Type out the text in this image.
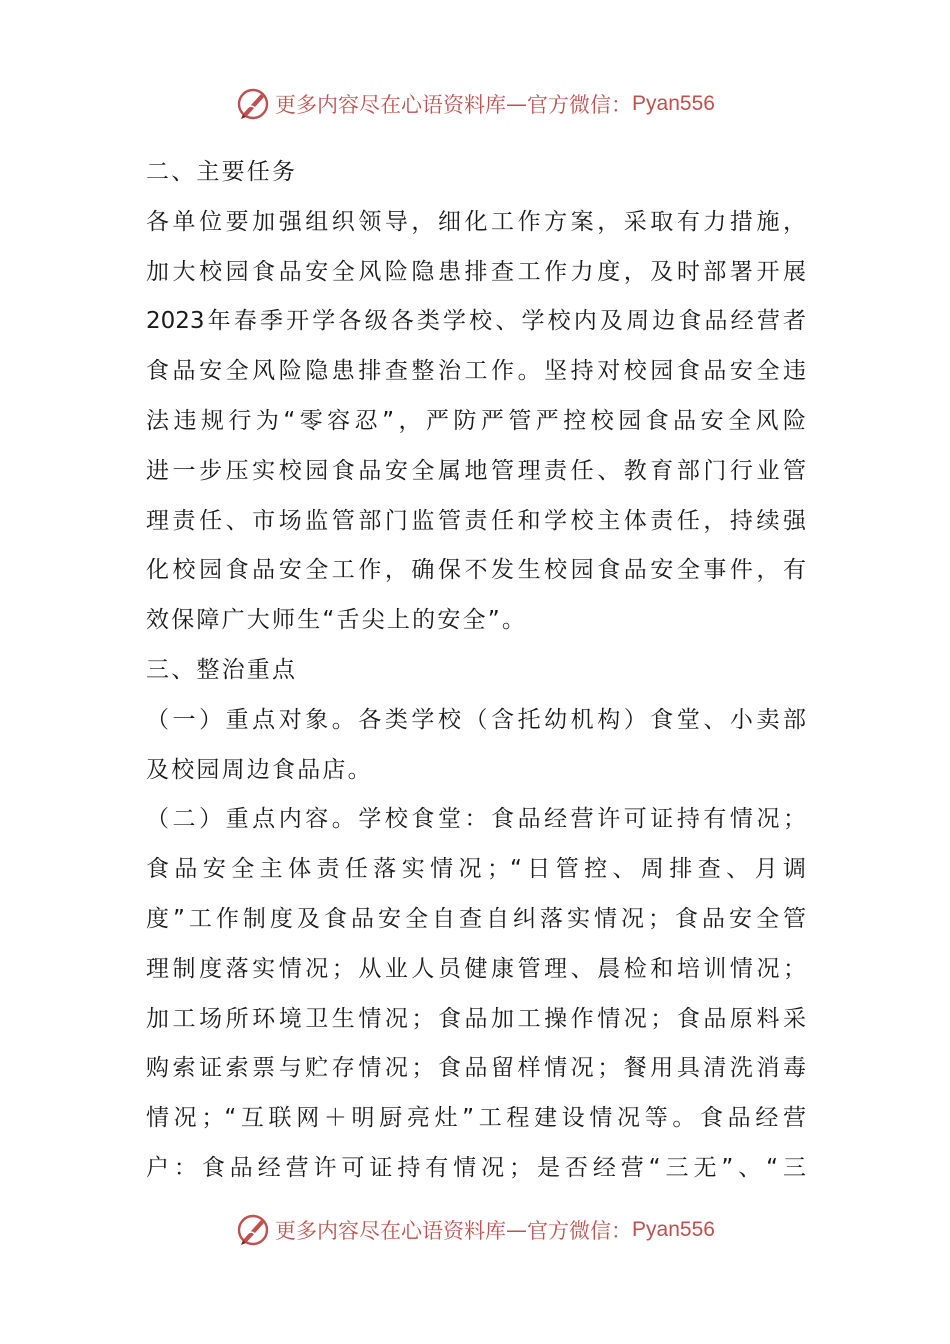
更多内容尽在心语资料库 — 官方微信： Pyan556
二、主要任务
各单位要加强组织领导，细化工作方案，采取有力措施，
加大校园食品安全风险隐患排查工作力度，及时部署开展
2023年春季开学各级各类学校、学校内及周边食品经营者
食品安全风险隐患排查整治工作。坚持对校园食品安全违
法违规行为“零容忍”，严防严管严控校园食品安全风险
进一步压实校园食品安全属地管理责任、教育部门行业管
理责任、市场监管部门监管责任和学校主体责任，持续强
化校园食品安全工作，确保不发生校园食品安全事件，有
效保障广大师生“舌尖上的安全”。
三、整治重点
（一）重点对象。各类学校（含托幼机构）食堂、小卖部
及校园周边食品店。
（二）重点内容。学校食堂：食品经营许可证持有情况；
食品安全主体责任落实情况；“日管控、周排查、月调
度”工作制度及食品安全自查自纠落实情况；食品安全管
理制度落实情况；从业人员健康管理、晨检和培训情况；
加工场所环境卫生情况；食品加工操作情况；食品原料采
购索证索票与贮存情况；食品留样情况；餐用具清洗消毒
情况；“互联网＋明厨亮灶”工程建设情况等。食品经营
户：食品经营许可证持有情况；是否经营“三无”、“三
更多内容尽在心语资料库 — 官方微信： Pyan556
